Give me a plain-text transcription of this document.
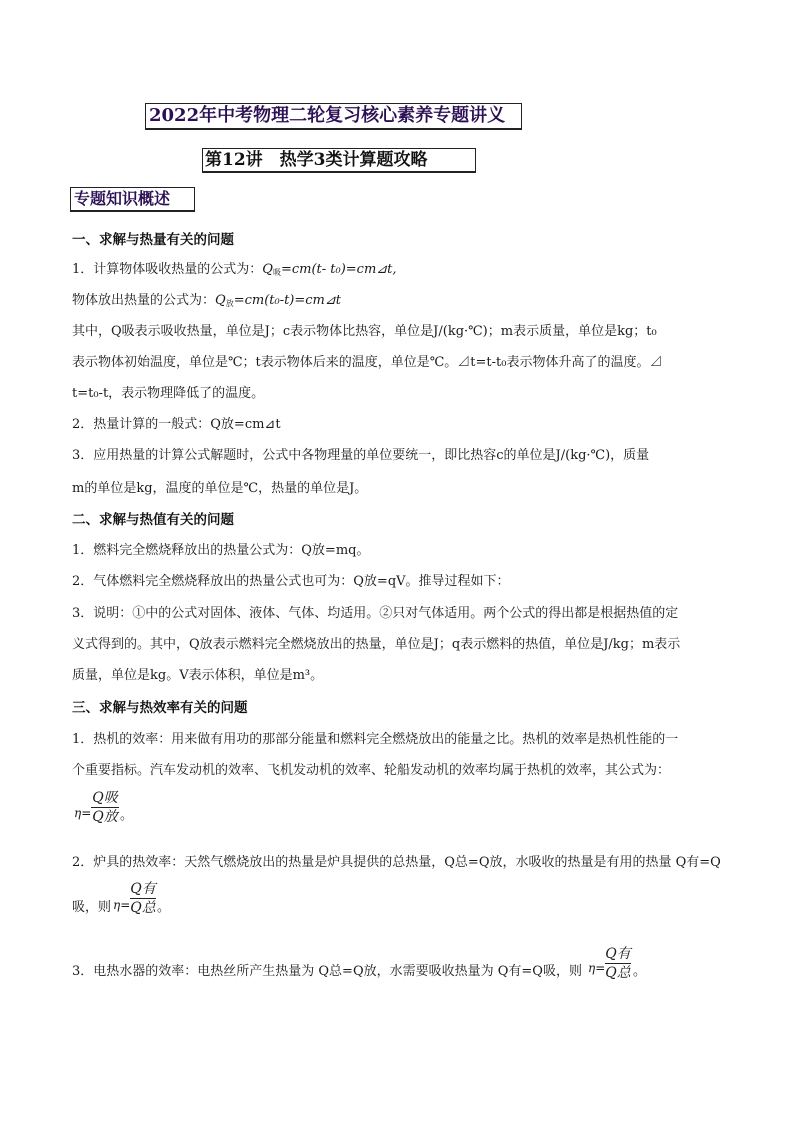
2022年中考物理二轮复习核心素养专题讲义
第12讲　热学3类计算题攻略
专题知识概述
一、求解与热量有关的问题
1．计算物体吸收热量的公式为：$Q_吸=cm(t-$ t₀)=cm⊿t,
物体放出热量的公式为：$Q_放=cm(t_0-t)=cm⊿t$
其中，Q吸表示吸收热量，单位是J；c表示物体比热容，单位是J/(kg·℃)；m表示质量，单位是kg；t₀
表示物体初始温度，单位是℃；t表示物体后来的温度，单位是℃。⊿t=t-t₀表示物体升高了的温度。⊿
t=t₀-t，表示物理降低了的温度。
2．热量计算的一般式：Q放=cm⊿t
3．应用热量的计算公式解题时，公式中各物理量的单位要统一，即比热容c的单位是J/(kg·℃)，质量
m的单位是kg，温度的单位是℃，热量的单位是J。
二、求解与热值有关的问题
1．燃料完全燃烧释放出的热量公式为：Q放=mq。
2．气体燃料完全燃烧释放出的热量公式也可为：Q放=qV。推导过程如下：
3．说明：①中的公式对固体、液体、气体、均适用。②只对气体适用。两个公式的得出都是根据热值的定
义式得到的。其中，Q放表示燃料完全燃烧放出的热量，单位是J；q表示燃料的热值，单位是J/kg；m表示
质量，单位是kg。V表示体积，单位是m³。
三、求解与热效率有关的问题
1．热机的效率：用来做有用功的那部分能量和燃料完全燃烧放出的能量之比。热机的效率是热机性能的一
个重要指标。汽车发动机的效率、飞机发动机的效率、轮船发动机的效率均属于热机的效率，其公式为：
η=
Q吸
Q放 。
2．炉具的热效率：天然气燃烧放出的热量是炉具提供的总热量，Q总=Q放，水吸收的热量是有用的热量 Q有=Q
吸，则 η=
Q有
Q总 。
3．电热水器的效率：电热丝所产生热量为 Q总=Q放，水需要吸收热量为 Q有=Q吸，则 η=
Q有
Q总 。
